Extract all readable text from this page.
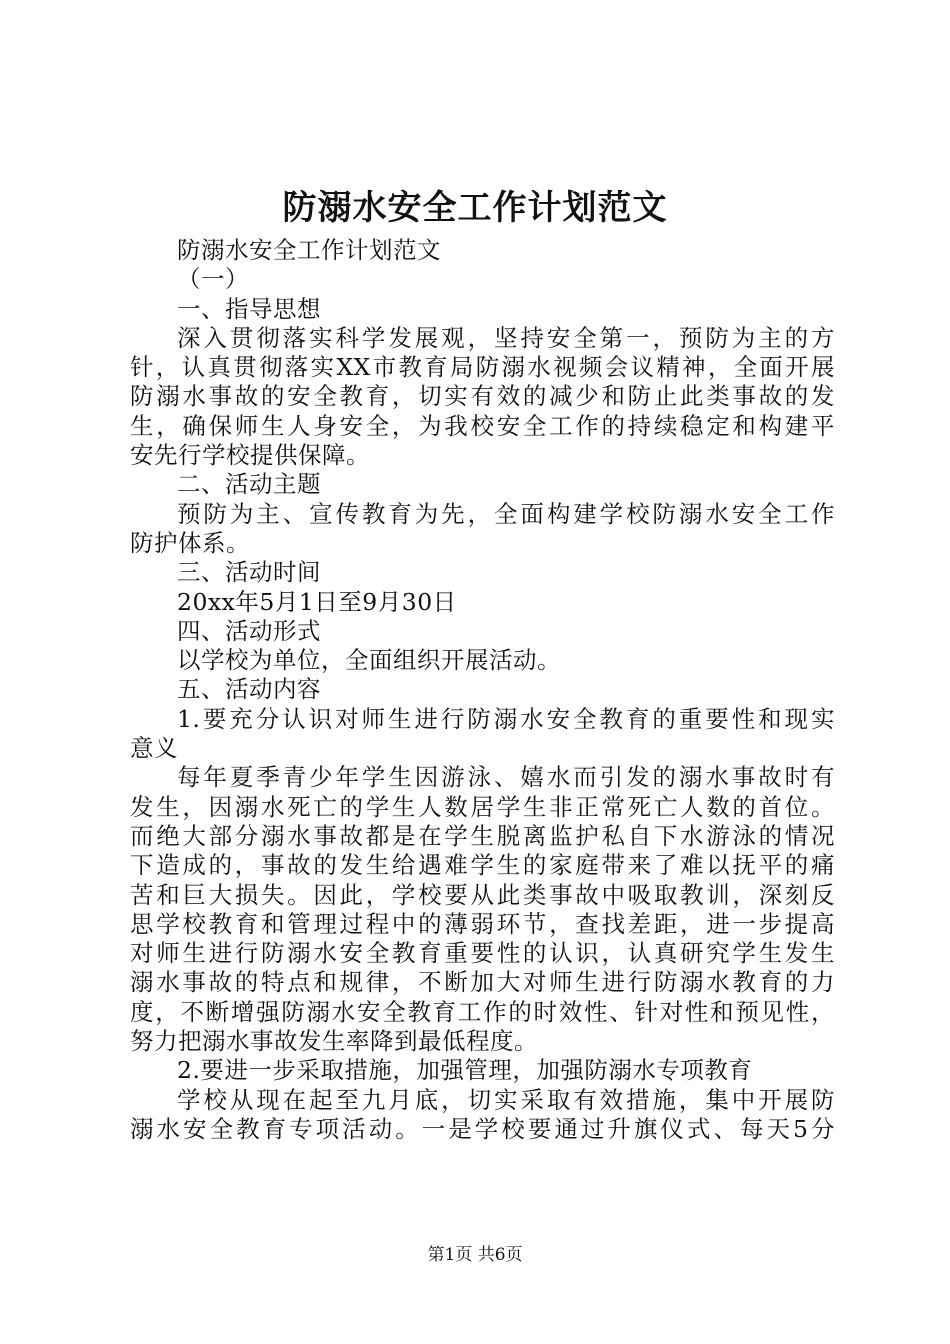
防溺水安全工作计划范文
防溺水安全工作计划范文
（一）
一、指导思想
深入贯彻落实科学发展观，坚持安全第一，预防为主的方
针，认真贯彻落实XX市教育局防溺水视频会议精神，全面开展
防溺水事故的安全教育，切实有效的减少和防止此类事故的发
生，确保师生人身安全，为我校安全工作的持续稳定和构建平
安先行学校提供保障。
二、活动主题
预防为主、宣传教育为先，全面构建学校防溺水安全工作
防护体系。
三、活动时间
20xx年5月1日至9月30日
四、活动形式
以学校为单位，全面组织开展活动。
五、活动内容
1.要充分认识对师生进行防溺水安全教育的重要性和现实
意义
每年夏季青少年学生因游泳、嬉水而引发的溺水事故时有
发生，因溺水死亡的学生人数居学生非正常死亡人数的首位。
而绝大部分溺水事故都是在学生脱离监护私自下水游泳的情况
下造成的，事故的发生给遇难学生的家庭带来了难以抚平的痛
苦和巨大损失。因此，学校要从此类事故中吸取教训，深刻反
思学校教育和管理过程中的薄弱环节，查找差距，进一步提高
对师生进行防溺水安全教育重要性的认识，认真研究学生发生
溺水事故的特点和规律，不断加大对师生进行防溺水教育的力
度，不断增强防溺水安全教育工作的时效性、针对性和预见性，
努力把溺水事故发生率降到最低程度。
2.要进一步采取措施，加强管理，加强防溺水专项教育
学校从现在起至九月底，切实采取有效措施，集中开展防
溺水安全教育专项活动。一是学校要通过升旗仪式、每天5分
第1页 共6页
